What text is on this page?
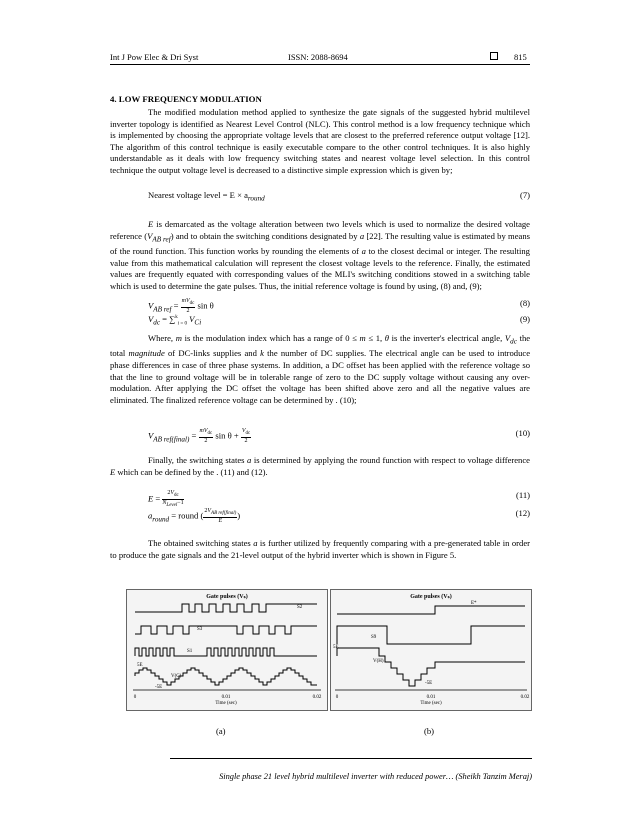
Int J Pow Elec & Dri Syst	ISSN: 2088-8694	815
4. LOW FREQUENCY MODULATION

The modified modulation method applied to synthesize the gate signals of the suggested hybrid multilevel inverter topology is identified as Nearest Level Control (NLC). This control method is a low frequency technique which is implemented by choosing the appropriate voltage levels that are closest to the preferred reference output voltage [12]. The algorithm of this control technique is easily executable compare to the other control techniques. It is also highly understandable as it deals with low frequency switching states and nearest voltage level selection. In this control technique the output voltage level is decreased to a distinctive simple expression which is given by;

Nearest voltage level = $E \times a_{round}$	(7)

E is demarcated as the voltage alteration between two levels which is used to normalize the desired voltage reference $(V_{AB ref})$ and to obtain the switching conditions designated by a [22]. The resulting value is estimated by means of the round function. This function works by rounding the elements of a to the closest decimal or integer. The resulting value from this mathematical calculation will represent the closest voltage levels to the reference. Finally, the estimated values are frequently equated with corresponding values of the MLI's switching conditions stowed in a switching table which is used to determine the gate pulses. Thus, the initial reference voltage is found by using, (8) and, (9);

$V_{AB ref} = \frac{mV_{dc}}{2}$ sin θ	(8)
$V_{dc} = \sum^k_{i = 0}$ $V_{Ci}$	(9)

Where, m is the modulation index which has a range of 0 ≤ m ≤ 1, θ is the inverter's electrical angle, $V_{dc}$ the total magnitude of DC-links supplies and k the number of DC supplies. The electrical angle can be used to introduce phase differences in case of three phase systems. In addition, a DC offset has been applied with the reference voltage so that the line to ground voltage will be in tolerable range of zero to the DC supply voltage without causing any over-modulation. After applying the DC offset the voltage has been shifted above zero and all the negative values are eliminated. The finalized reference voltage can be determined by . (10);

$V_{AB ref(final)} = \frac{mV_{dc}}{2}$ $\sin \theta + \frac{V_{dc}}{2}$	(10)

Finally, the switching states a is determined by applying the round function with respect to voltage difference E which can be defined by the . (11) and (12).

$E = \frac{2V_{dc}}{N_{Level}-1}$	(11)
$a_{round}$ = round ( $\frac{2V_{AB ref(final)}}{E}$ )	(12)

The obtained switching states a is further utilized by frequently comparing with a pre-generated table in order to produce the gate signals and the 21-level output of the hybrid inverter which is shown in Figure 5.

Gate pulses (Vₛ)
S2
S3
S1
5E
-5E
V(C)
0	0.01	0.02
Time (sec)
Gate pulses (Vₛ)
E*
S9
5E
V(H)
-5E
0	0.01	0.02
Time (sec)
(a)	(b)
Single phase 21 level hybrid multilevel inverter with reduced power… (Sheikh Tanzim Meraj)
